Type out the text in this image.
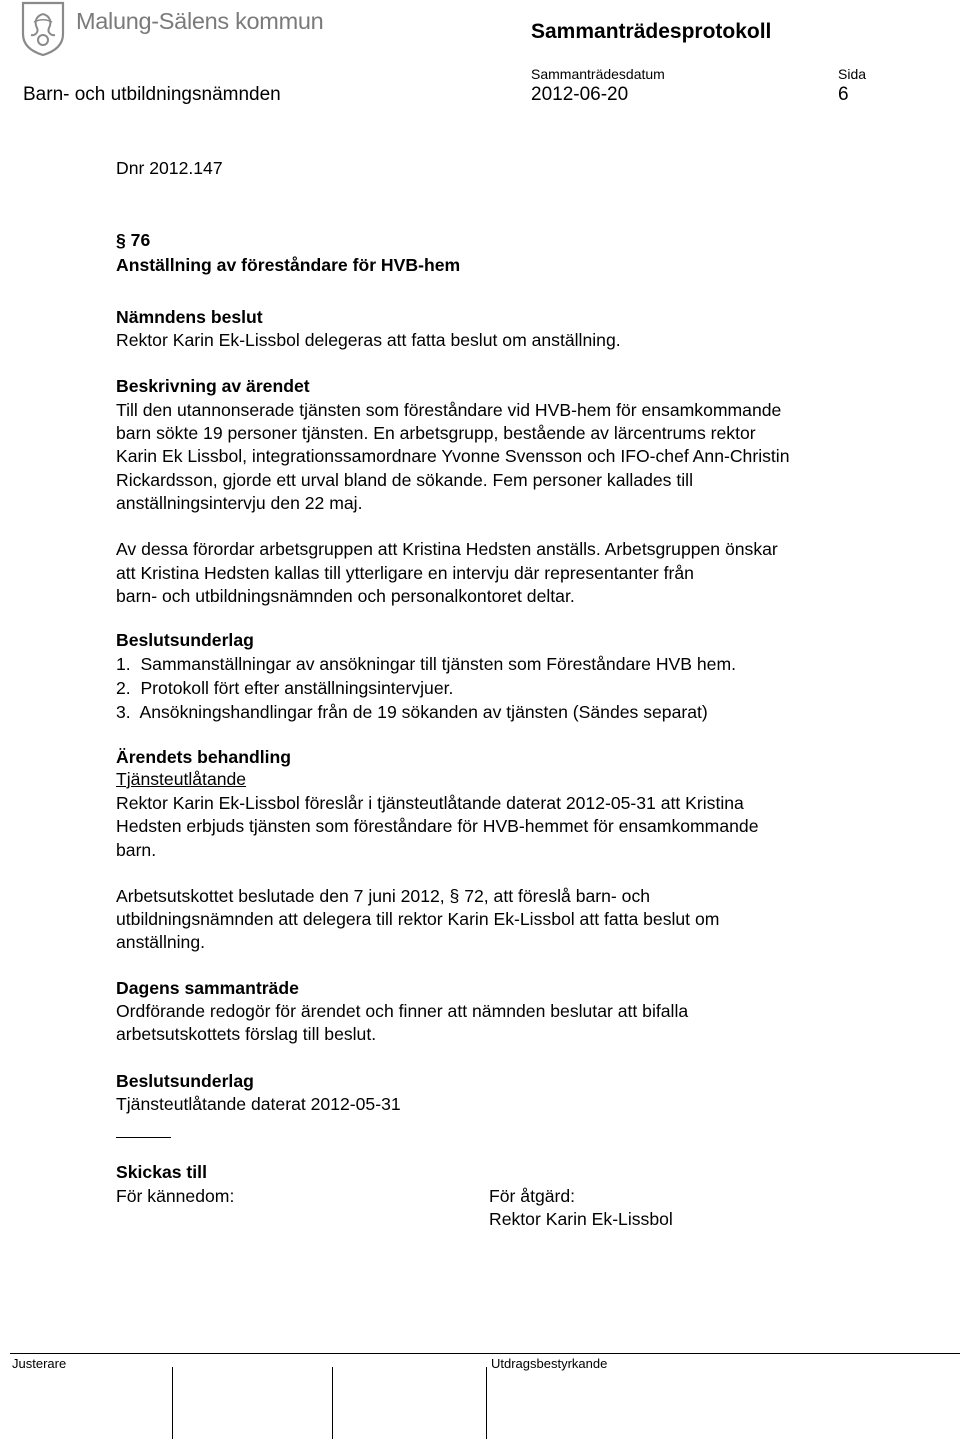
Malung-Sälens kommun	Sammanträdesprotokoll
Sammanträdesdatum	Sida
Barn- och utbildningsnämnden	2012-06-20	6
Dnr 2012.147
§ 76
Anställning av föreståndare för HVB-hem
Nämndens beslut
Rektor Karin Ek-Lissbol delegeras att fatta beslut om anställning.
Beskrivning av ärendet
Till den utannonserade tjänsten som föreståndare vid HVB-hem för ensamkommande
barn sökte 19 personer tjänsten. En arbetsgrupp, bestående av lärcentrums rektor
Karin Ek Lissbol, integrationssamordnare Yvonne Svensson och IFO-chef Ann-Christin
Rickardsson, gjorde ett urval bland de sökande. Fem personer kallades till
anställningsintervju den 22 maj.
Av dessa förordar arbetsgruppen att Kristina Hedsten anställs. Arbetsgruppen önskar
att Kristina Hedsten kallas till ytterligare en intervju där representanter från
barn- och utbildningsnämnden och personalkontoret deltar.
Beslutsunderlag
1.  Sammanställningar av ansökningar till tjänsten som Föreståndare HVB hem.
2.  Protokoll fört efter anställningsintervjuer.
3.  Ansökningshandlingar från de 19 sökanden av tjänsten (Sändes separat)
Ärendets behandling
Tjänsteutlåtande
Rektor Karin Ek-Lissbol föreslår i tjänsteutlåtande daterat 2012-05-31 att Kristina
Hedsten erbjuds tjänsten som föreståndare för HVB-hemmet för ensamkommande
barn.
Arbetsutskottet beslutade den 7 juni 2012, § 72, att föreslå barn- och
utbildningsnämnden att delegera till rektor Karin Ek-Lissbol att fatta beslut om
anställning.
Dagens sammanträde
Ordförande redogör för ärendet och finner att nämnden beslutar att bifalla
arbetsutskottets förslag till beslut.
Beslutsunderlag
Tjänsteutlåtande daterat 2012-05-31
Skickas till
För kännedom:	För åtgärd:
Rektor Karin Ek-Lissbol
Justerare	Utdragsbestyrkande
